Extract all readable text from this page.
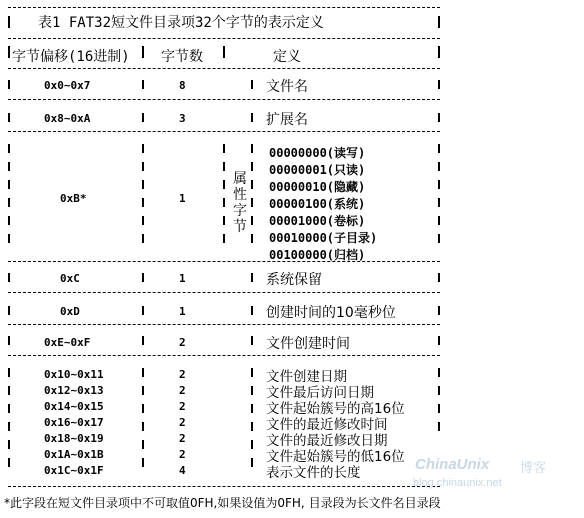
表1 FAT32短文件目录项32个字节的表示定义
字节偏移(16进制) 字节数	定义
0x0~0x7	8	文件名
0x8~0xA	3	扩展名
0xB*	1
属性字节
00000000(读写)
00000001(只读)
00000010(隐藏)
00000100(系统)
00001000(卷标)
00010000(子目录)
00100000(归档)
0xC	1	系统保留
0xD	1	创建时间的10毫秒位
0xE~0xF	2	文件创建时间
0x10~0x11	2	文件创建日期
0x12~0x13	2	文件最后访问日期
0x14~0x15	2	文件起始簇号的高16位
0x16~0x17	2	文件的最近修改时间
0x18~0x19	2	文件的最近修改日期
0x1A~0x1B	2	文件起始簇号的低16位
0x1C~0x1F	4	表示文件的长度	ChinaUnix 博客
blog.chinaunix.net
*此字段在短文件目录项中不可取值0FH,如果设值为0FH, 目录段为长文件名目录段
